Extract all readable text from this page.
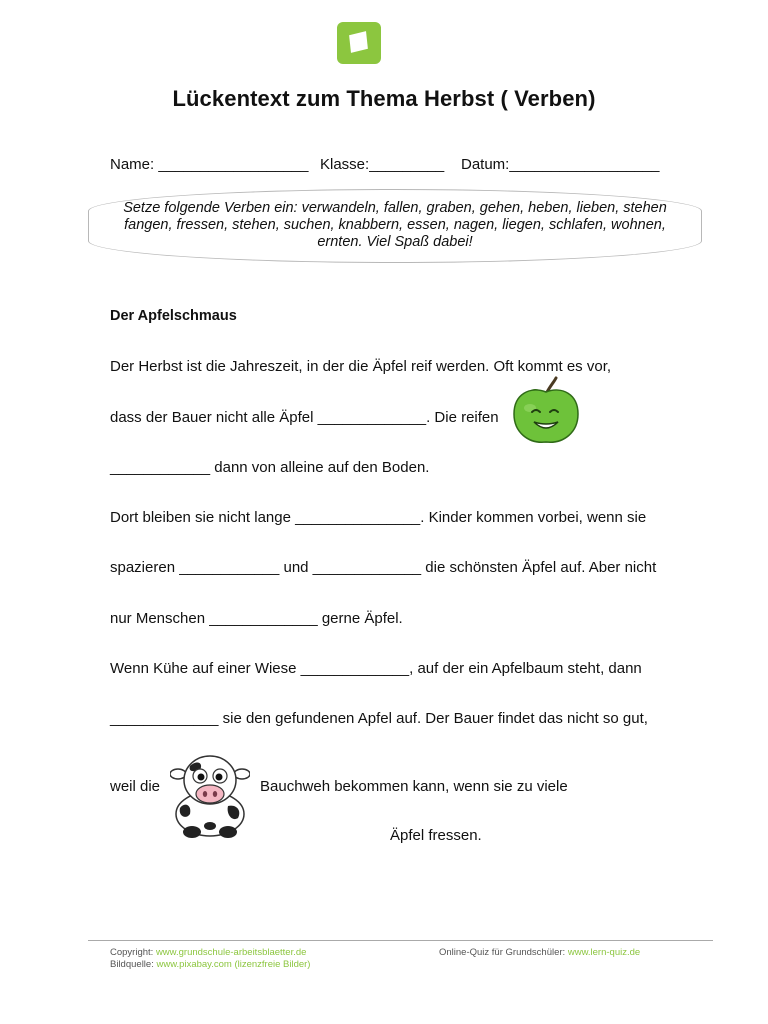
Lückentext zum Thema Herbst ( Verben)
Name: __________________ Klasse:_________ Datum:__________________
Setze folgende Verben ein: verwandeln, fallen, graben, gehen, heben, lieben, stehen
fangen, fressen, stehen, suchen, knabbern, essen, nagen, liegen, schlafen, wohnen,
ernten. Viel Spaß dabei!
Der Apfelschmaus
Der Herbst ist die Jahreszeit, in der die Äpfel reif werden. Oft kommt es vor,
dass der Bauer nicht alle Äpfel _____________. Die reifen
____________ dann von alleine auf den Boden.
Dort bleiben sie nicht lange _______________. Kinder kommen vorbei, wenn sie
spazieren ____________ und _____________ die schönsten Äpfel auf. Aber nicht
nur Menschen _____________ gerne Äpfel.
Wenn Kühe auf einer Wiese _____________, auf der ein Apfelbaum steht, dann
_____________ sie den gefundenen Apfel auf. Der Bauer findet das nicht so gut,
weil die	Bauchweh bekommen kann, wenn sie zu viele
Äpfel fressen.
Copyright: www.grundschule-arbeitsblaetter.de
Bildquelle: www.pixabay.com (lizenzfreie Bilder)
Online-Quiz für Grundschüler: www.lern-quiz.de
